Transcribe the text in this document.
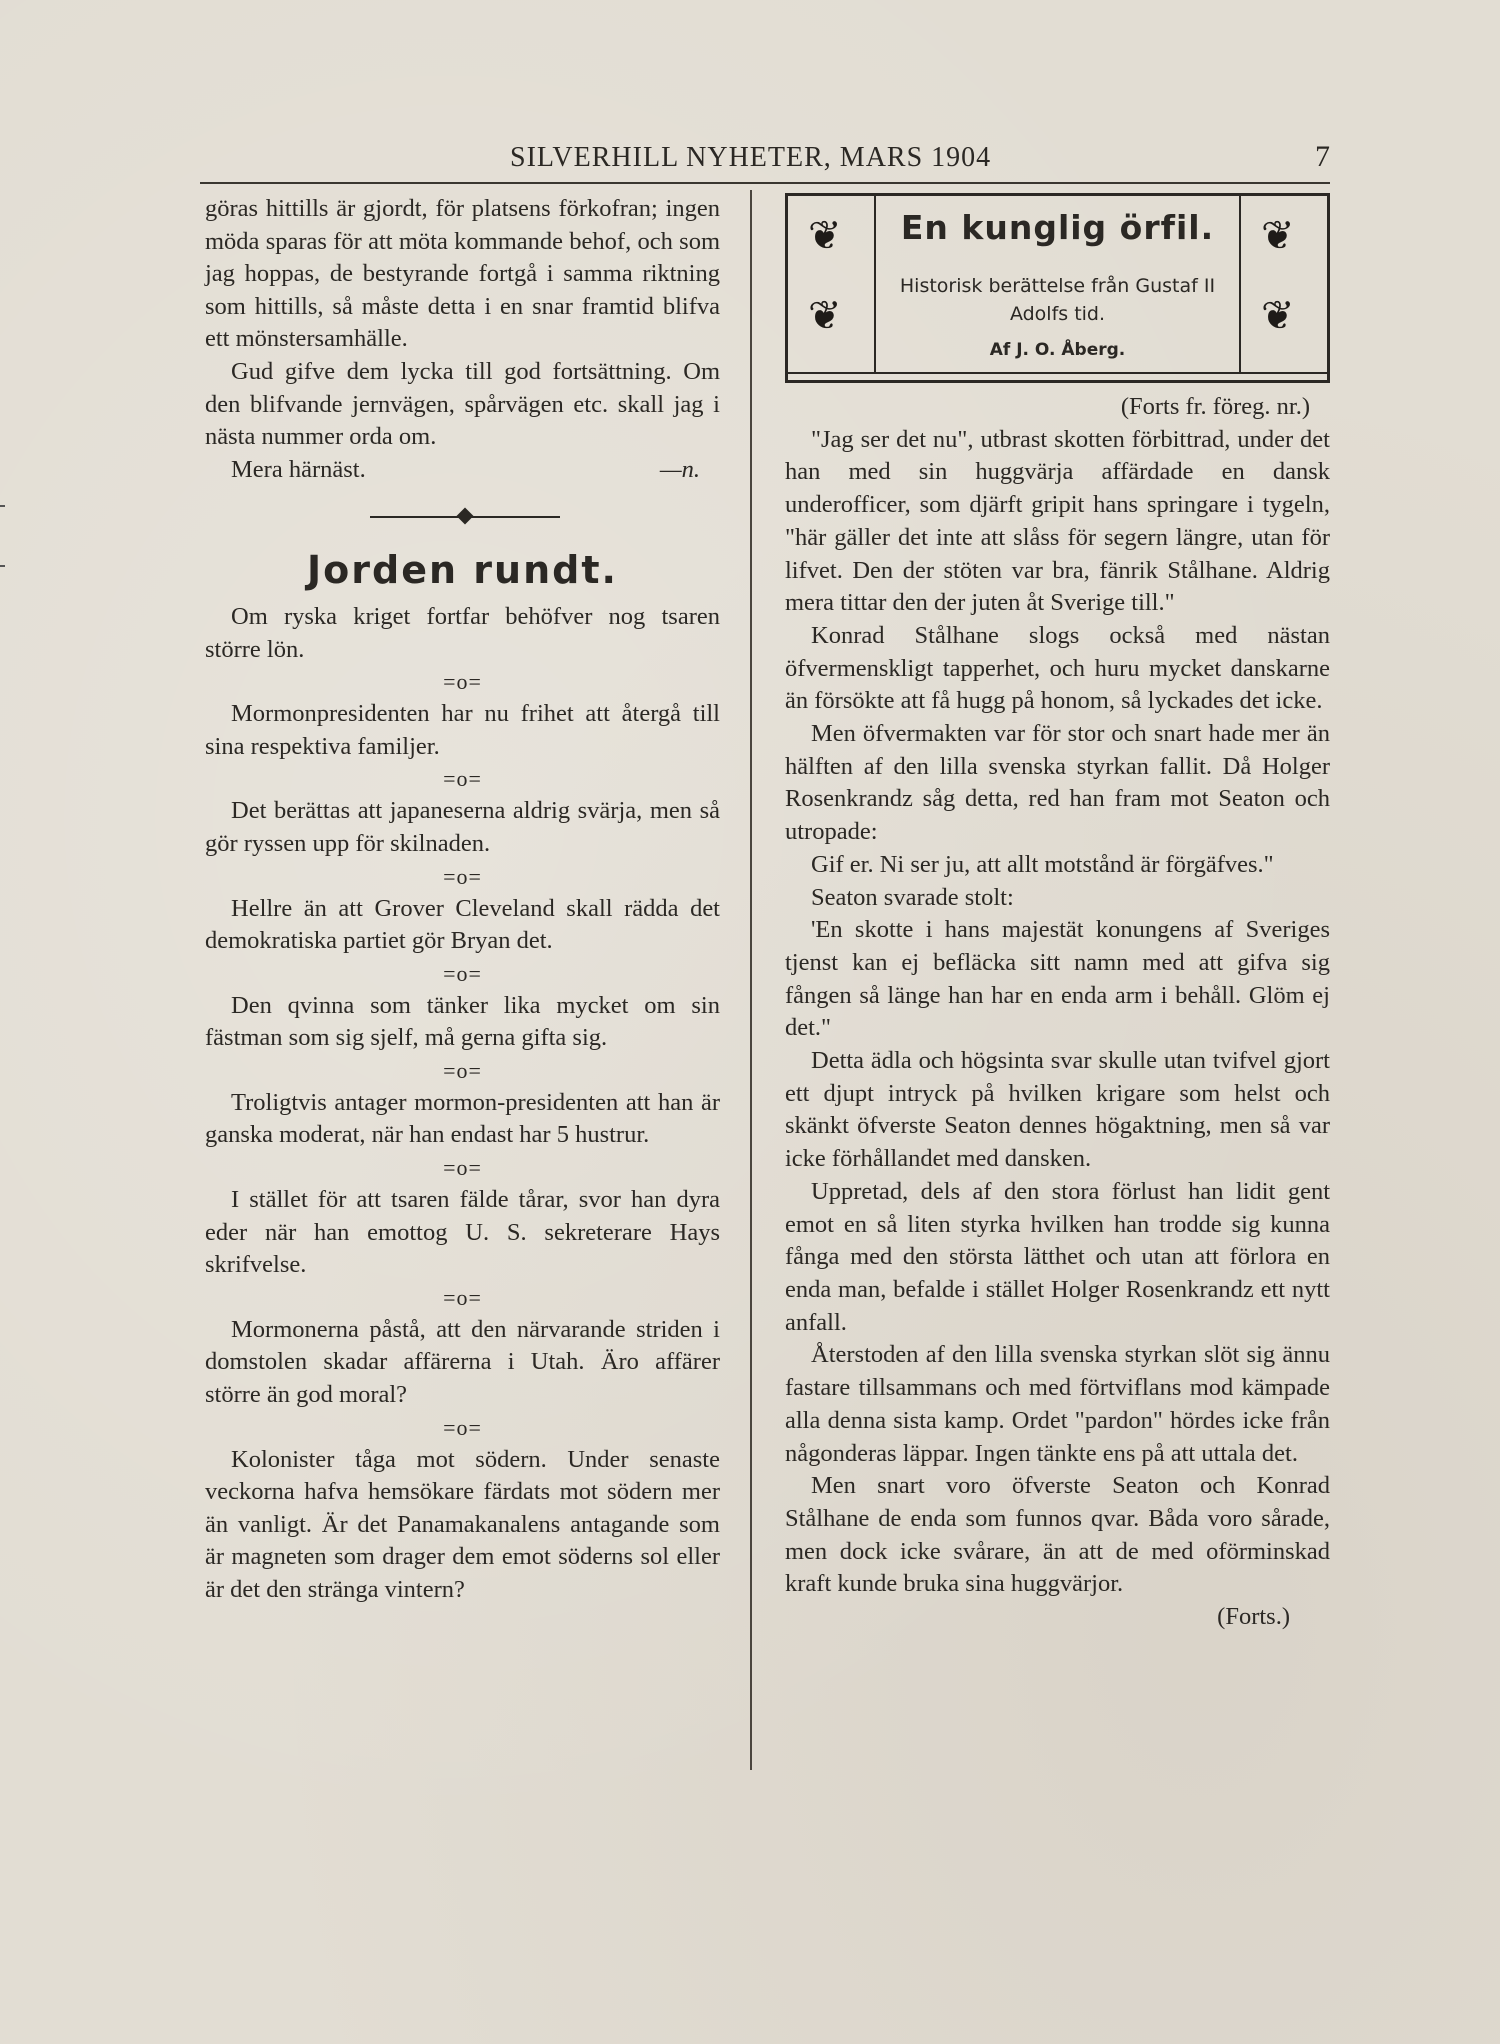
SILVERHILL NYHETER, MARS 1904	7

göras hittills är gjordt, för platsens förkofran; ingen möda sparas för att möta kommande behof, och som jag hoppas, de bestyrande fortgå i samma riktning som hittills, så måste detta i en snar framtid blifva ett mönstersamhälle.

Gud gifve dem lycka till god fortsättning. Om den blifvande jernvägen, spårvägen etc. skall jag i nästa nummer orda om.

Mera härnäst.	—n.
Jorden rundt.

Om ryska kriget fortfar behöfver nog tsaren större lön.

=o=

Mormonpresidenten har nu frihet att återgå till sina respektiva familjer.

=o=

Det berättas att japaneserna aldrig svärja, men så gör ryssen upp för skilnaden.

=o=

Hellre än att Grover Cleveland skall rädda det demokratiska partiet gör Bryan det.

=o=

Den qvinna som tänker lika mycket om sin fästman som sig sjelf, må gerna gifta sig.

=o=

Troligtvis antager mormon-presidenten att han är ganska moderat, när han endast har 5 hustrur.

=o=

I stället för att tsaren fälde tårar, svor han dyra eder när han emottog U. S. sekreterare Hays skrifvelse.

=o=

Mormonerna påstå, att den närvarande striden i domstolen skadar affärerna i Utah. Äro affärer större än god moral?

=o=

Kolonister tåga mot södern. Under senaste veckorna hafva hemsökare färdats mot södern mer än vanligt. Är det Panamakanalens antagande som är magneten som drager dem emot söderns sol eller är det den stränga vintern?

❦
❦
❦
❦
En kunglig örfil.
Historisk berättelse från Gustaf II Adolfs tid.
Af J. O. Åberg.

(Forts fr. föreg. nr.)

"Jag ser det nu", utbrast skotten förbittrad, under det han med sin huggvärja affärdade en dansk underofficer, som djärft gripit hans springare i tygeln, "här gäller det inte att slåss för segern längre, utan för lifvet. Den der stöten var bra, fänrik Stålhane. Aldrig mera tittar den der juten åt Sverige till."

Konrad Stålhane slogs också med nästan öfvermenskligt tapperhet, och huru mycket danskarne än försökte att få hugg på honom, så lyckades det icke.

Men öfvermakten var för stor och snart hade mer än hälften af den lilla svenska styrkan fallit. Då Holger Rosenkrandz såg detta, red han fram mot Seaton och utropade:

Gif er. Ni ser ju, att allt motstånd är förgäfves."

Seaton svarade stolt:

'En skotte i hans majestät konungens af Sveriges tjenst kan ej befläcka sitt namn med att gifva sig fången så länge han har en enda arm i behåll. Glöm ej det."

Detta ädla och högsinta svar skulle utan tvifvel gjort ett djupt intryck på hvilken krigare som helst och skänkt öfverste Seaton dennes högaktning, men så var icke förhållandet med dansken.

Uppretad, dels af den stora förlust han lidit gent emot en så liten styrka hvilken han trodde sig kunna fånga med den största lätthet och utan att förlora en enda man, befalde i stället Holger Rosenkrandz ett nytt anfall.

Återstoden af den lilla svenska styrkan slöt sig ännu fastare tillsammans och med förtviflans mod kämpade alla denna sista kamp. Ordet "pardon" hördes icke från någonderas läppar. Ingen tänkte ens på att uttala det.

Men snart voro öfverste Seaton och Konrad Stålhane de enda som funnos qvar. Båda voro sårade, men dock icke svårare, än att de med oförminskad kraft kunde bruka sina huggvärjor.

(Forts.)
